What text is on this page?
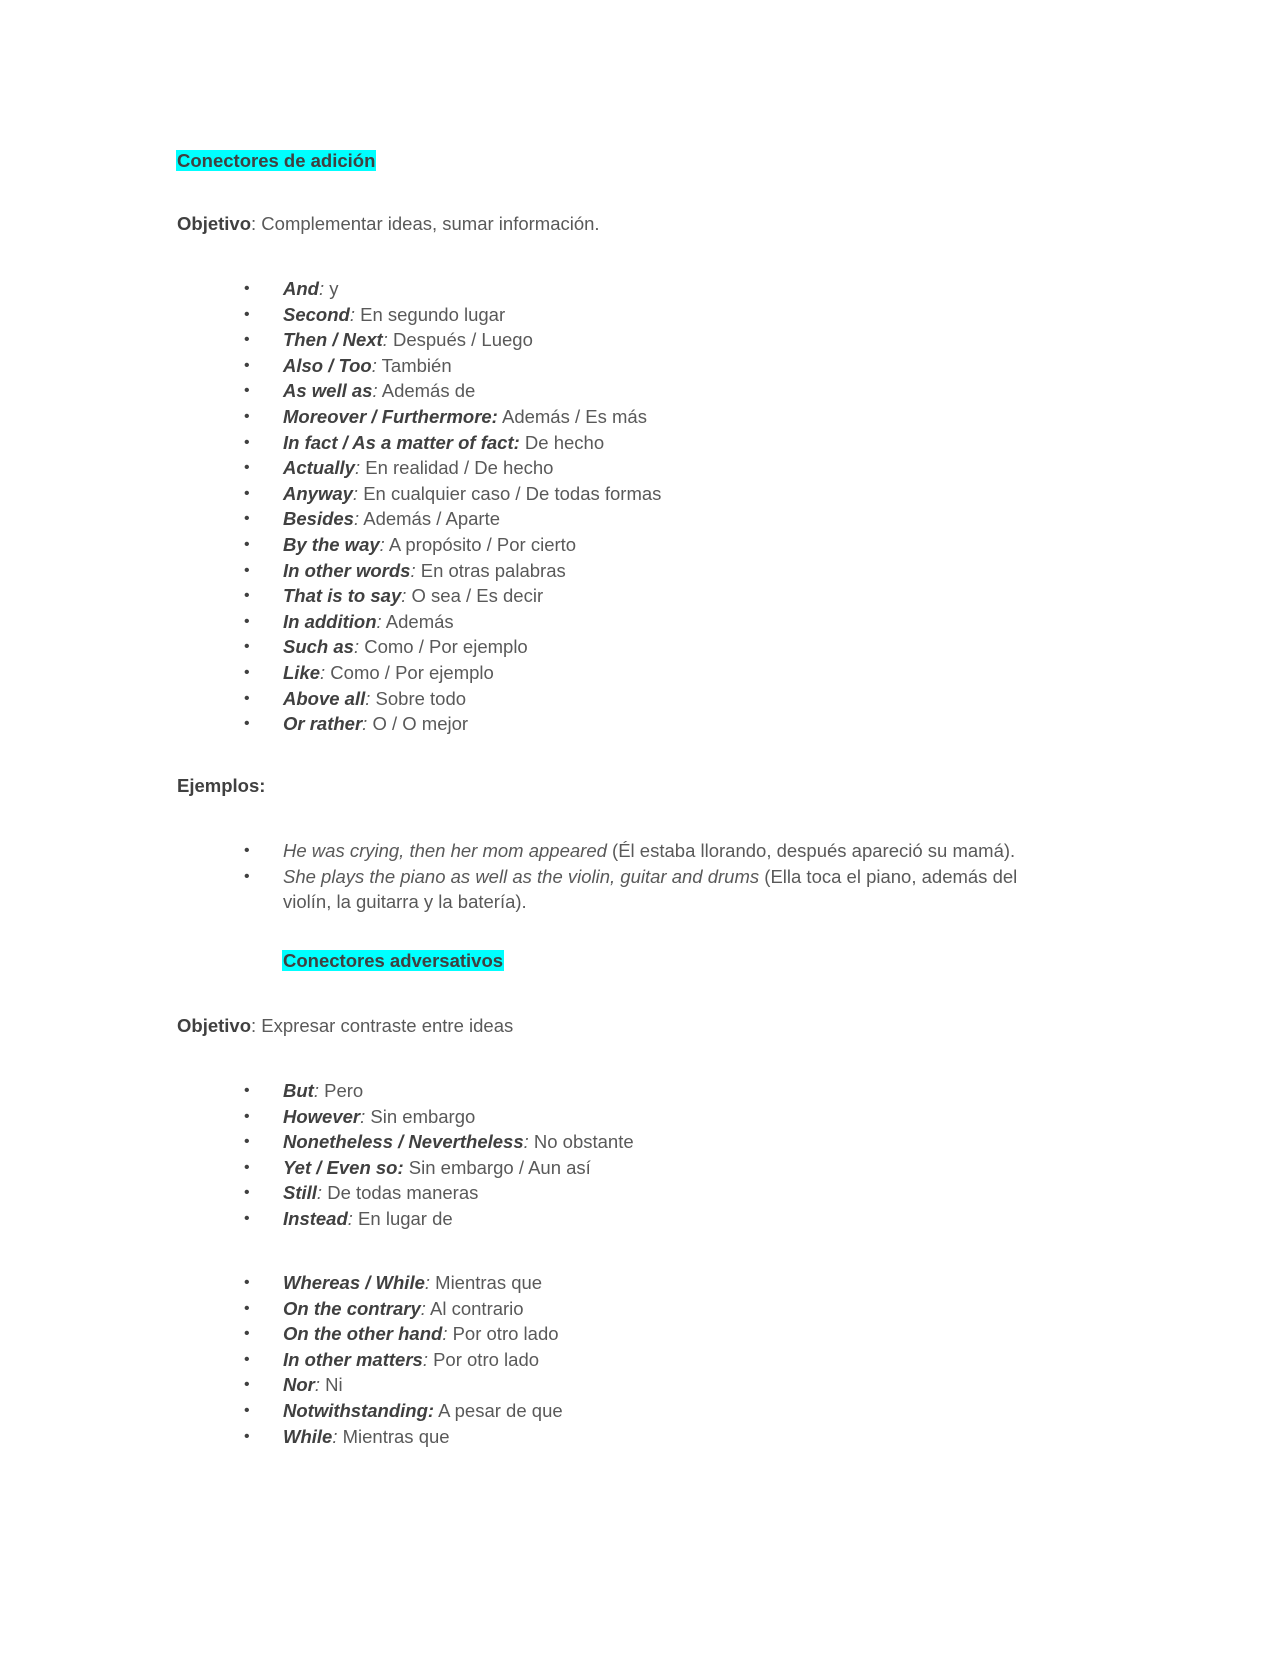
Conectores de adición
Objetivo: Complementar ideas, sumar información.
• And: y
• Second: En segundo lugar
• Then / Next: Después / Luego
• Also / Too: También
• As well as: Además de
• Moreover / Furthermore: Además / Es más
• In fact / As a matter of fact: De hecho
• Actually: En realidad / De hecho
• Anyway: En cualquier caso / De todas formas
• Besides: Además / Aparte
• By the way: A propósito / Por cierto
• In other words: En otras palabras
• That is to say: O sea / Es decir
• In addition: Además
• Such as: Como / Por ejemplo
• Like: Como / Por ejemplo
• Above all: Sobre todo
• Or rather: O / O mejor
Ejemplos:
• He was crying, then her mom appeared (Él estaba llorando, después apareció su mamá).
• She plays the piano as well as the violin, guitar and drums (Ella toca el piano, además del violín, la guitarra y la batería).
Conectores adversativos
Objetivo: Expresar contraste entre ideas
• But: Pero
• However: Sin embargo
• Nonetheless / Nevertheless: No obstante
• Yet / Even so: Sin embargo / Aun así
• Still: De todas maneras
• Instead: En lugar de
• Whereas / While: Mientras que
• On the contrary: Al contrario
• On the other hand: Por otro lado
• In other matters: Por otro lado
• Nor: Ni
• Notwithstanding: A pesar de que
• While: Mientras que
